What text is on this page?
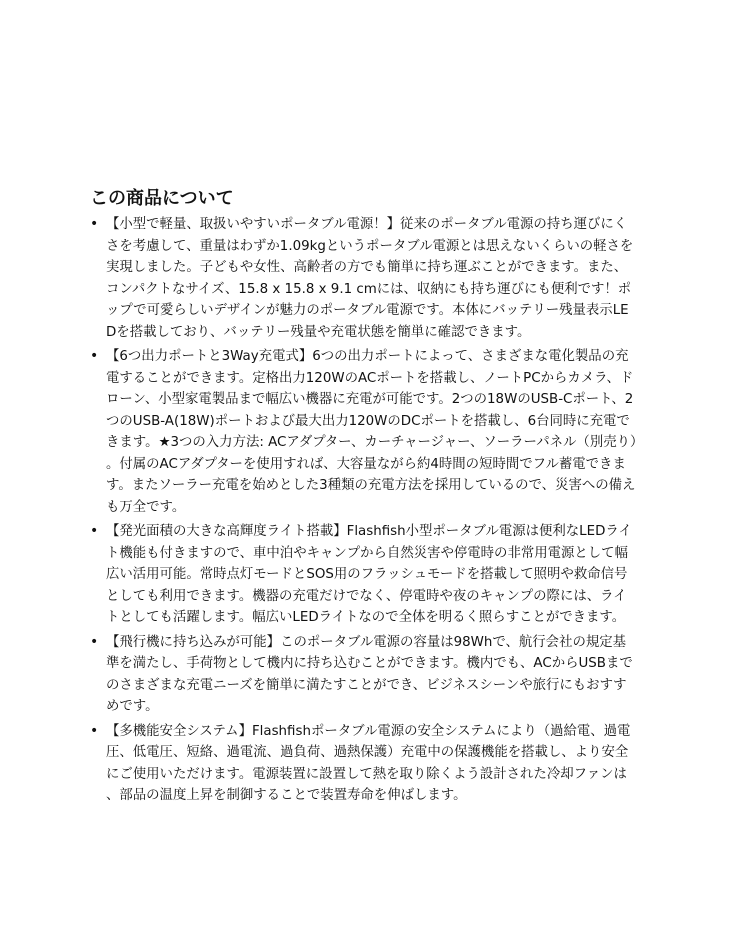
この商品について
• 【小型で軽量、取扱いやすいポータブル電源！】従来のポータブル電源の持ち運びにくさを考慮して、重量はわずか1.09kgというポータブル電源とは思えないくらいの軽さを実現しました。子どもや女性、高齢者の方でも簡単に持ち運ぶことができます。また、コンパクトなサイズ、15.8 x 15.8 x 9.1 cmには、収納にも持ち運びにも便利です！ポップで可愛らしいデザインが魅力のポータブル電源です。本体にバッテリー残量表示LEDを搭載しており、バッテリー残量や充電状態を簡単に確認できます。
• 【6つ出力ポートと3Way充電式】6つの出力ポートによって、さまざまな電化製品の充電することができます。定格出力120WのACポートを搭載し、ノートPCからカメラ、ドローン、小型家電製品まで幅広い機器に充電が可能です。2つの18WのUSB-Cポート、2つのUSB-A(18W)ポートおよび最大出力120WのDCポートを搭載し、6台同時に充電できます。★3つの入力方法: ACアダプター、カーチャージャー、ソーラーパネル（別売り）。付属のACアダプターを使用すれば、大容量ながら約4時間の短時間でフル蓄電できます。またソーラー充電を始めとした3種類の充電方法を採用しているので、災害への備えも万全です。
• 【発光面積の大きな高輝度ライト搭載】Flashfish小型ポータブル電源は便利なLEDライト機能も付きますので、車中泊やキャンプから自然災害や停電時の非常用電源として幅広い活用可能。常時点灯モードとSOS用のフラッシュモードを搭載して照明や救命信号としても利用できます。機器の充電だけでなく、停電時や夜のキャンプの際には、ライトとしても活躍します。幅広いLEDライトなので全体を明るく照らすことができます。
• 【飛行機に持ち込みが可能】このポータブル電源の容量は98Whで、航行会社の規定基準を満たし、手荷物として機内に持ち込むことができます。機内でも、ACからUSBまでのさまざまな充電ニーズを簡単に満たすことができ、ビジネスシーンや旅行にもおすすめです。
• 【多機能安全システム】Flashfishポータブル電源の安全システムにより（過給電、過電圧、低電圧、短絡、過電流、過負荷、過熱保護）充電中の保護機能を搭載し、より安全にご使用いただけます。電源装置に設置して熱を取り除くよう設計された冷却ファンは、部品の温度上昇を制御することで装置寿命を伸ばします。
